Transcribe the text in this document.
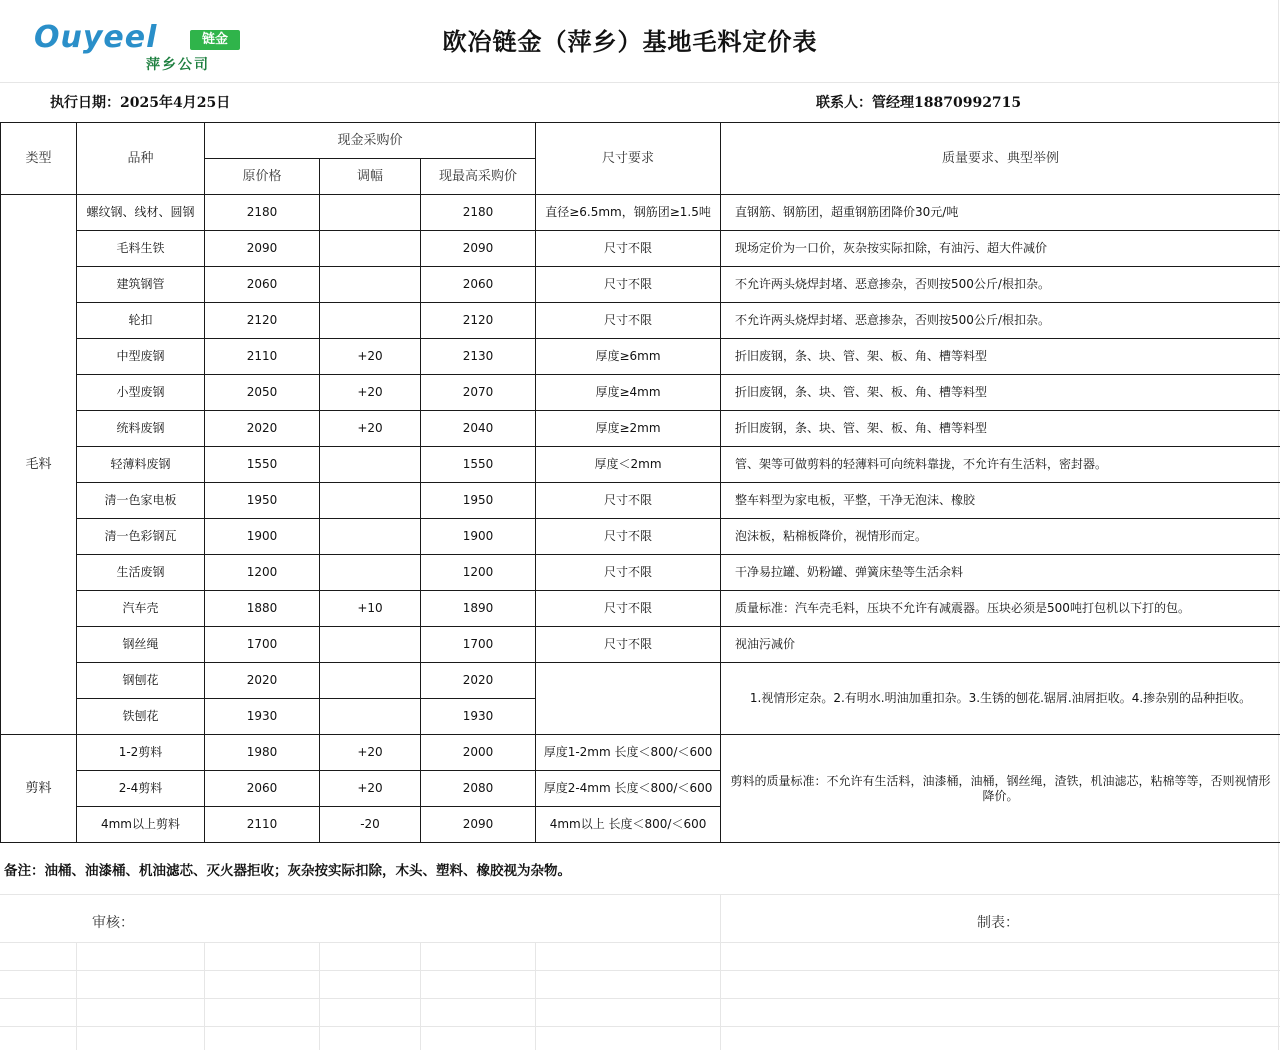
Ouyeel	链金
萍乡公司
欧冶链金（萍乡）基地毛料定价表
执行日期：2025年4月25日	联系人：管经理18870992715
类型	品种	现金采购价			尺寸要求	质量要求、典型举例
		原价格	调幅	现最高采购价		
毛料	螺纹钢、线材、圆钢	2180		2180	直径≥6.5mm，钢筋团≥1.5吨	直钢筋、钢筋团，超重钢筋团降价30元/吨
	毛料生铁	2090		2090	尺寸不限	现场定价为一口价，灰杂按实际扣除，有油污、超大件减价
	建筑钢管	2060		2060	尺寸不限	不允许两头烧焊封堵、恶意掺杂，否则按500公斤/根扣杂。
	轮扣	2120		2120	尺寸不限	不允许两头烧焊封堵、恶意掺杂，否则按500公斤/根扣杂。
	中型废钢	2110	+20	2130	厚度≥6mm	折旧废钢，条、块、管、架、板、角、槽等料型
	小型废钢	2050	+20	2070	厚度≥4mm	折旧废钢，条、块、管、架、板、角、槽等料型
	统料废钢	2020	+20	2040	厚度≥2mm	折旧废钢，条、块、管、架、板、角、槽等料型
	轻薄料废钢	1550		1550	厚度＜2mm	管、架等可做剪料的轻薄料可向统料靠拢，不允许有生活料，密封器。
	清一色家电板	1950		1950	尺寸不限	整车料型为家电板，平整，干净无泡沫、橡胶
	清一色彩钢瓦	1900		1900	尺寸不限	泡沫板，粘棉板降价，视情形而定。
	生活废钢	1200		1200	尺寸不限	干净易拉罐、奶粉罐、弹簧床垫等生活余料
	汽车壳	1880	+10	1890	尺寸不限	质量标准：汽车壳毛料，压块不允许有减震器。压块必须是500吨打包机以下打的包。
	钢丝绳	1700		1700	尺寸不限	视油污减价
	钢刨花	2020		2020		1.视情形定杂。2.有明水.明油加重扣杂。3.生锈的刨花.锯屑.油屑拒收。4.掺杂别的品种拒收。
	铁刨花	1930		1930		
剪料	1-2剪料	1980	+20	2000	厚度1-2mm 长度＜800/＜600	剪料的质量标准：不允许有生活料，油漆桶，油桶，钢丝绳，渣铁，机油滤芯，粘棉等等，否则视情形降价。
	2-4剪料	2060	+20	2080	厚度2-4mm 长度＜800/＜600	
	4mm以上剪料	2110	-20	2090	4mm以上 长度＜800/＜600	
备注：油桶、油漆桶、机油滤芯、灭火器拒收；灰杂按实际扣除，木头、塑料、橡胶视为杂物。
审核：	制表：
